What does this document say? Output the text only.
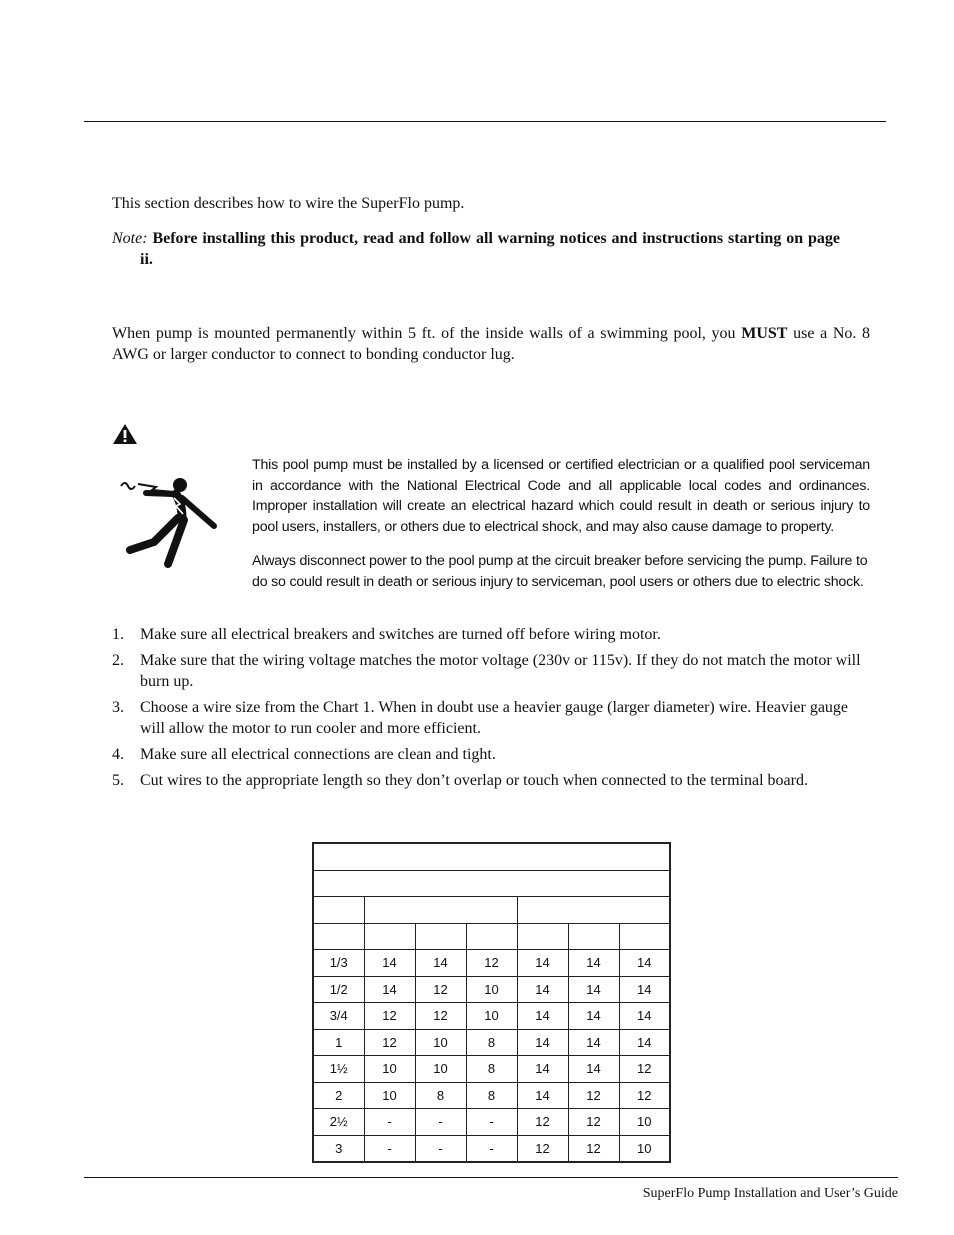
This section describes how to wire the SuperFlo pump.
Note: Before installing this product, read and follow all warning notices and instructions starting on page ii.
When pump is mounted permanently within 5 ft. of the inside walls of a swimming pool, you MUST use a No. 8 AWG or larger conductor to connect to bonding conductor lug.
This pool pump must be installed by a licensed or certified electrician or a qualified pool serviceman in accordance with the National Electrical Code and all applicable local codes and ordinances. Improper installation will create an electrical hazard which could result in death or serious injury to pool users, installers, or others due to electrical shock, and may also cause damage to property.
Always disconnect power to the pool pump at the circuit breaker before servicing the pump. Failure to do so could result in death or serious injury to serviceman, pool users or others due to electric shock.
1. Make sure all electrical breakers and switches are turned off before wiring motor.
2. Make sure that the wiring voltage matches the motor voltage (230v or 115v). If they do not match the motor will burn up.
3. Choose a wire size from the Chart 1. When in doubt use a heavier gauge (larger diameter) wire. Heavier gauge will allow the motor to run cooler and more efficient.
4. Make sure all electrical connections are clean and tight.
5. Cut wires to the appropriate length so they don’t overlap or touch when connected to the terminal board.

1/3	14	14	12	14	14	14
1/2	14	12	10	14	14	14
3/4	12	12	10	14	14	14
1	12	10	8	14	14	14
1½	10	10	8	14	14	12
2	10	8	8	14	12	12
2½	-	-	-	12	12	10
3	-	-	-	12	12	10
SuperFlo Pump Installation and User’s Guide
